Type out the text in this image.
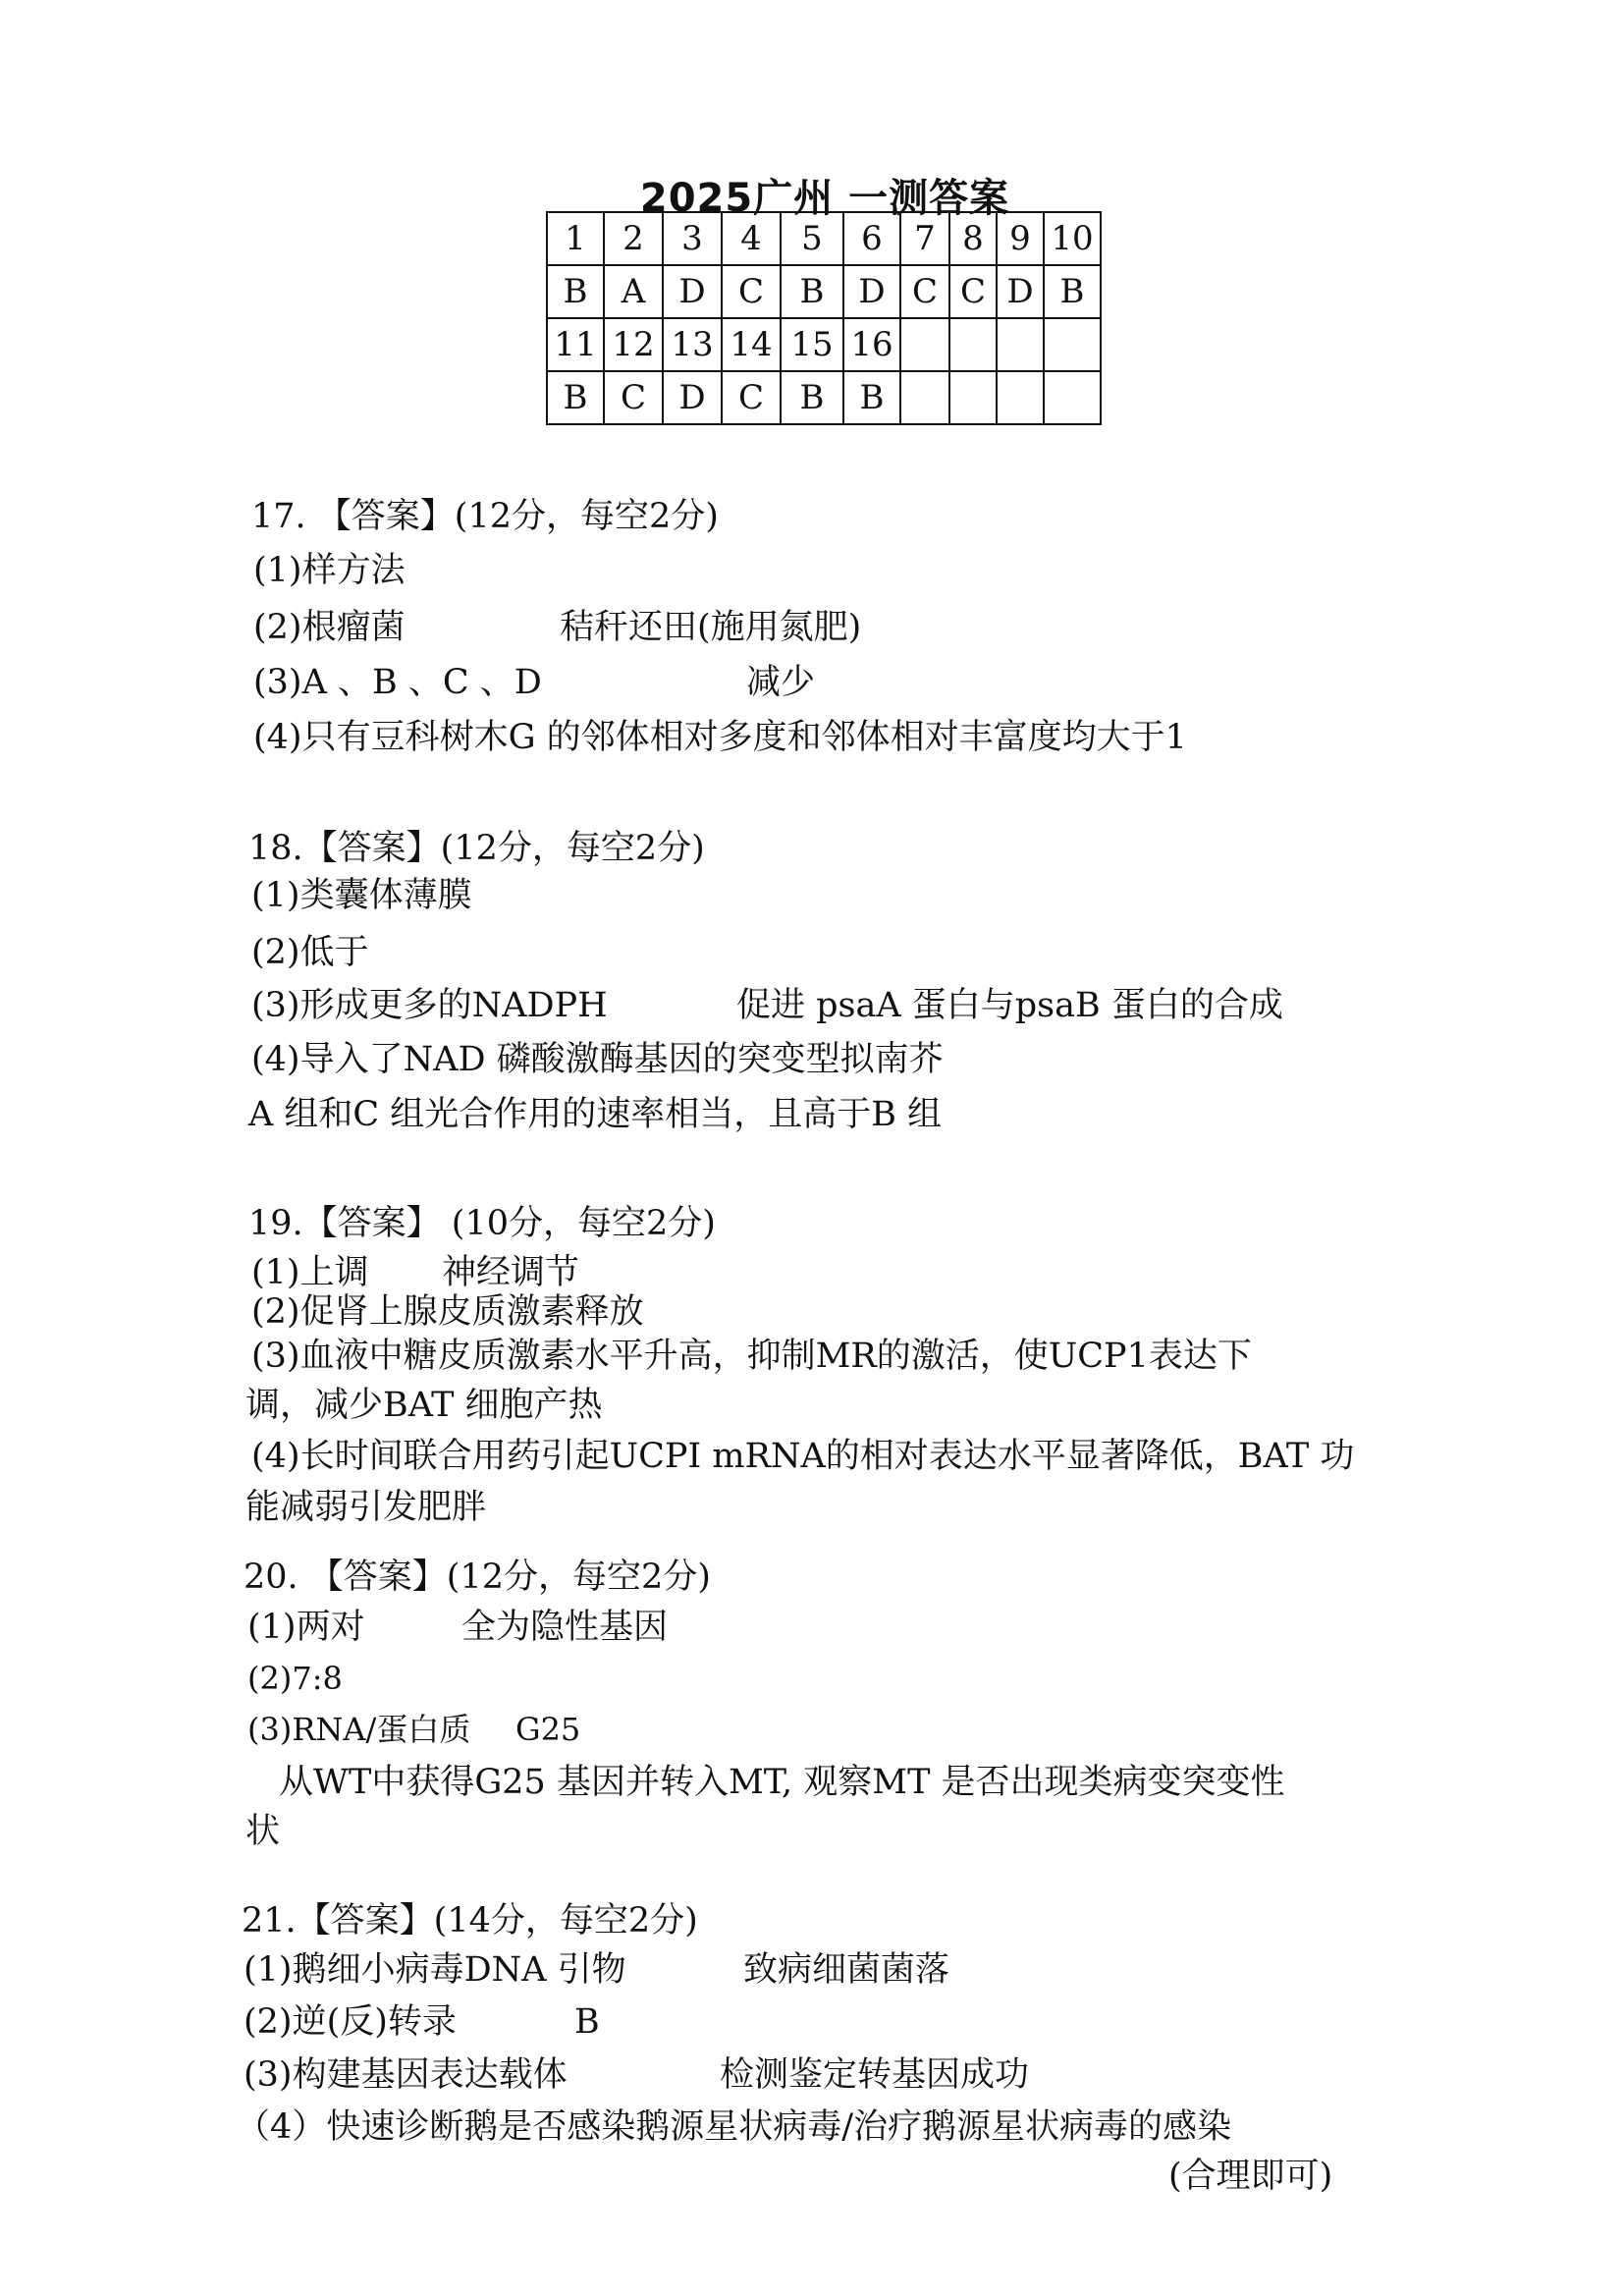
2025广州 一测答案
1	2	3	4	5	6	7	8	9	10
B	A	D	C	B	D	C	C	D	B
11	12	13	14	15	16				
B	C	D	C	B	B				
17. 【答案】(12分，每空2分)
(1)样方法
(2)根瘤菌	秸秆还田(施用氮肥)
(3)A 、B 、C 、D	减少
(4)只有豆科树木G 的邻体相对多度和邻体相对丰富度均大于1
18.【答案】(12分，每空2分)
(1)类囊体薄膜
(2)低于
(3)形成更多的NADPH	促进 psaA 蛋白与psaB 蛋白的合成
(4)导入了NAD 磷酸激酶基因的突变型拟南芥
A 组和C 组光合作用的速率相当，且高于B 组
19.【答案】 (10分，每空2分)
(1)上调 神经调节
(2)促肾上腺皮质激素释放
(3)血液中糖皮质激素水平升高，抑制MR的激活，使UCP1表达下
调，减少BAT 细胞产热
(4)长时间联合用药引起UCPI mRNA的相对表达水平显著降低，BAT 功
能减弱引发肥胖
20. 【答案】(12分，每空2分)
(1)两对	全为隐性基因
(2)7:8
(3)RNA/蛋白质 G25
从WT中获得G25 基因并转入MT, 观察MT 是否出现类病变突变性
状
21.【答案】(14分，每空2分)
(1)鹅细小病毒DNA 引物	致病细菌菌落
(2)逆(反)转录	B
(3)构建基因表达载体	检测鉴定转基因成功
（4）快速诊断鹅是否感染鹅源星状病毒/治疗鹅源星状病毒的感染
(合理即可)
